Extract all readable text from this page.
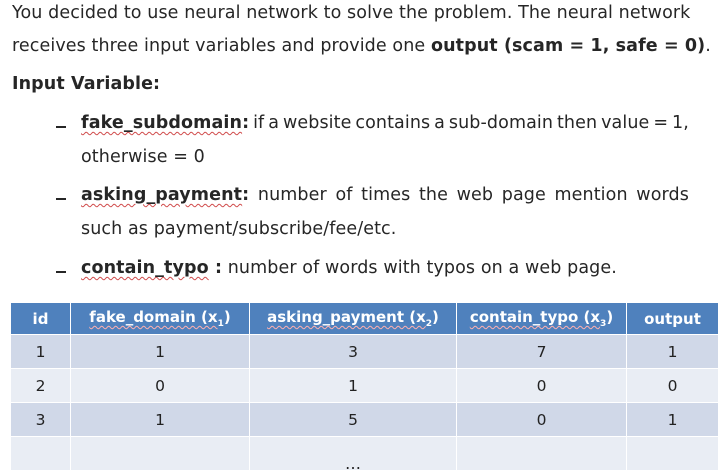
You decided to use neural network to solve the problem. The neural network
receives three input variables and provide one output (scam = 1, safe = 0).
Input Variable:
fake_subdomain: if a website contains a sub-domain then value = 1,
otherwise = 0
asking_payment: number of times the web page mention words
such as payment/subscribe/fee/etc.
contain_typo : number of words with typos on a web page.
id	fake_domain $(x_1)$	asking_payment $(x_2)$	contain_typo $(x_3)$	output
1	1	3	7	1
2	0	1	0	0
3	1	5	0	1
		…		
